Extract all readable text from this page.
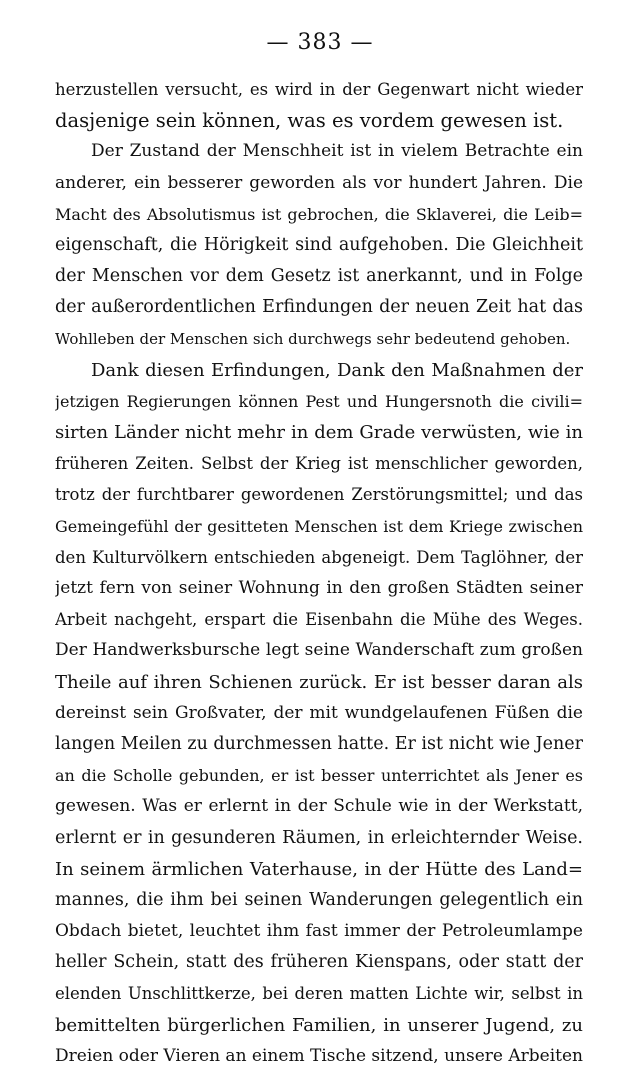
— 383 —
herzustellen versucht, es wird in der Gegenwart nicht wieder
dasjenige sein können, was es vordem gewesen ist.
Der Zustand der Menschheit ist in vielem Betrachte ein
anderer, ein besserer geworden als vor hundert Jahren. Die
Macht des Absolutismus ist gebrochen, die Sklaverei, die Leib=
eigenschaft, die Hörigkeit sind aufgehoben. Die Gleichheit
der Menschen vor dem Gesetz ist anerkannt, und in Folge
der außerordentlichen Erfindungen der neuen Zeit hat das
Wohlleben der Menschen sich durchwegs sehr bedeutend gehoben.
Dank diesen Erfindungen, Dank den Maßnahmen der
jetzigen Regierungen können Pest und Hungersnoth die civili=
sirten Länder nicht mehr in dem Grade verwüsten, wie in
früheren Zeiten. Selbst der Krieg ist menschlicher geworden,
trotz der furchtbarer gewordenen Zerstörungsmittel; und das
Gemeingefühl der gesitteten Menschen ist dem Kriege zwischen
den Kulturvölkern entschieden abgeneigt. Dem Taglöhner, der
jetzt fern von seiner Wohnung in den großen Städten seiner
Arbeit nachgeht, erspart die Eisenbahn die Mühe des Weges.
Der Handwerksbursche legt seine Wanderschaft zum großen
Theile auf ihren Schienen zurück. Er ist besser daran als
dereinst sein Großvater, der mit wundgelaufenen Füßen die
langen Meilen zu durchmessen hatte. Er ist nicht wie Jener
an die Scholle gebunden, er ist besser unterrichtet als Jener es
gewesen. Was er erlernt in der Schule wie in der Werkstatt,
erlernt er in gesunderen Räumen, in erleichternder Weise.
In seinem ärmlichen Vaterhause, in der Hütte des Land=
mannes, die ihm bei seinen Wanderungen gelegentlich ein
Obdach bietet, leuchtet ihm fast immer der Petroleumlampe
heller Schein, statt des früheren Kienspans, oder statt der
elenden Unschlittkerze, bei deren matten Lichte wir, selbst in
bemittelten bürgerlichen Familien, in unserer Jugend, zu
Dreien oder Vieren an einem Tische sitzend, unsere Arbeiten
